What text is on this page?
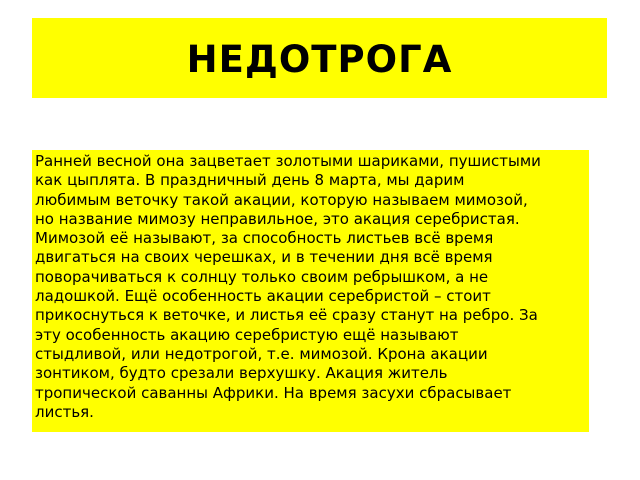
НЕДОТРОГА

Ранней весной она зацветает золотыми шариками, пушистыми
как цыплята. В праздничный день 8 марта, мы дарим
любимым веточку такой акации, которую называем мимозой,
но название мимозу неправильное, это акация серебристая.
Мимозой её называют, за способность листьев всё время
двигаться на своих черешках, и в течении дня всё время
поворачиваться к солнцу только своим ребрышком, а не
ладошкой. Ещё особенность акации серебристой – стоит
прикоснуться к веточке, и листья её сразу станут на ребро. За
эту особенность акацию серебристую ещё называют
стыдливой, или недотрогой, т.е. мимозой. Крона акации
зонтиком, будто срезали верхушку. Акация житель
тропической саванны Африки. На время засухи сбрасывает
листья.
